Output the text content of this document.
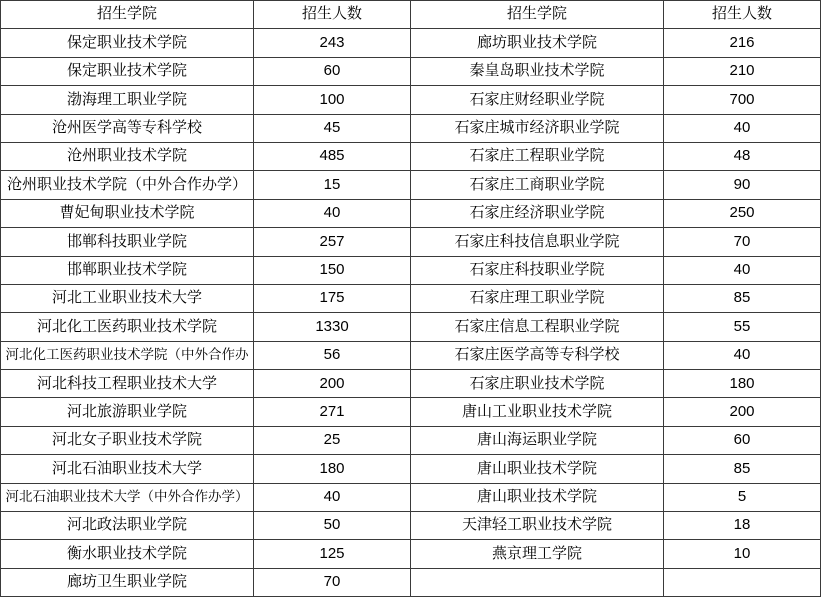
招生学院	招生人数	招生学院	招生人数
保定职业技术学院	243	廊坊职业技术学院	216
保定职业技术学院	60	秦皇岛职业技术学院	210
渤海理工职业学院	100	石家庄财经职业学院	700
沧州医学高等专科学校	45	石家庄城市经济职业学院	40
沧州职业技术学院	485	石家庄工程职业学院	48
沧州职业技术学院（中外合作办学）	15	石家庄工商职业学院	90
曹妃甸职业技术学院	40	石家庄经济职业学院	250
邯郸科技职业学院	257	石家庄科技信息职业学院	70
邯郸职业技术学院	150	石家庄科技职业学院	40
河北工业职业技术大学	175	石家庄理工职业学院	85
河北化工医药职业技术学院	1330	石家庄信息工程职业学院	55
河北化工医药职业技术学院（中外合作办	56	石家庄医学高等专科学校	40
河北科技工程职业技术大学	200	石家庄职业技术学院	180
河北旅游职业学院	271	唐山工业职业技术学院	200
河北女子职业技术学院	25	唐山海运职业学院	60
河北石油职业技术大学	180	唐山职业技术学院	85
河北石油职业技术大学（中外合作办学）	40	唐山职业技术学院	5
河北政法职业学院	50	天津轻工职业技术学院	18
衡水职业技术学院	125	燕京理工学院	10
廊坊卫生职业学院	70		
